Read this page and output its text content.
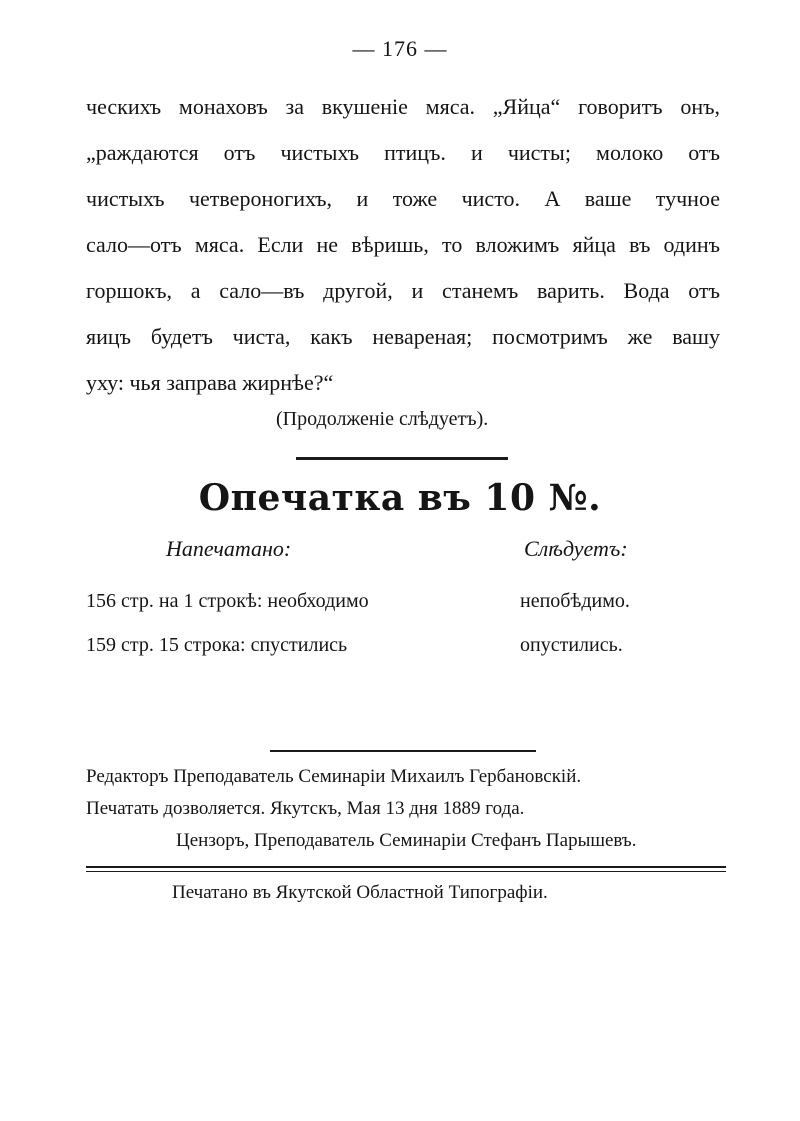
— 176 —
ческихъ монаховъ за вкушеніе мяса. „Яйца“ говоритъ онъ,
„раждаются отъ чистыхъ птицъ. и чисты; молоко отъ
чистыхъ четвероногихъ, и тоже чисто. А ваше тучное
сало—отъ мяса. Если не вѣришь, то вложимъ яйца въ одинъ
горшокъ, а сало—въ другой, и станемъ варить. Вода отъ
яицъ будетъ чиста, какъ невареная; посмотримъ же вашу
уху: чья заправа жирнѣе?“
(Продолженіе слѣдуетъ).
Опечатка въ 10 №.
Напечатано:	Слѣдуетъ:
156 стр. на 1 строкѣ: необходимо	непобѣдимо.
159 стр. 15 строка: спустились	опустились.
Редакторъ Преподаватель Семинаріи Михаилъ Гербановскій.
Печатать дозволяется. Якутскъ, Мая 13 дня 1889 года.
Цензоръ, Преподаватель Семинаріи Стефанъ Парышевъ.
Печатано въ Якутской Областной Типографіи.
